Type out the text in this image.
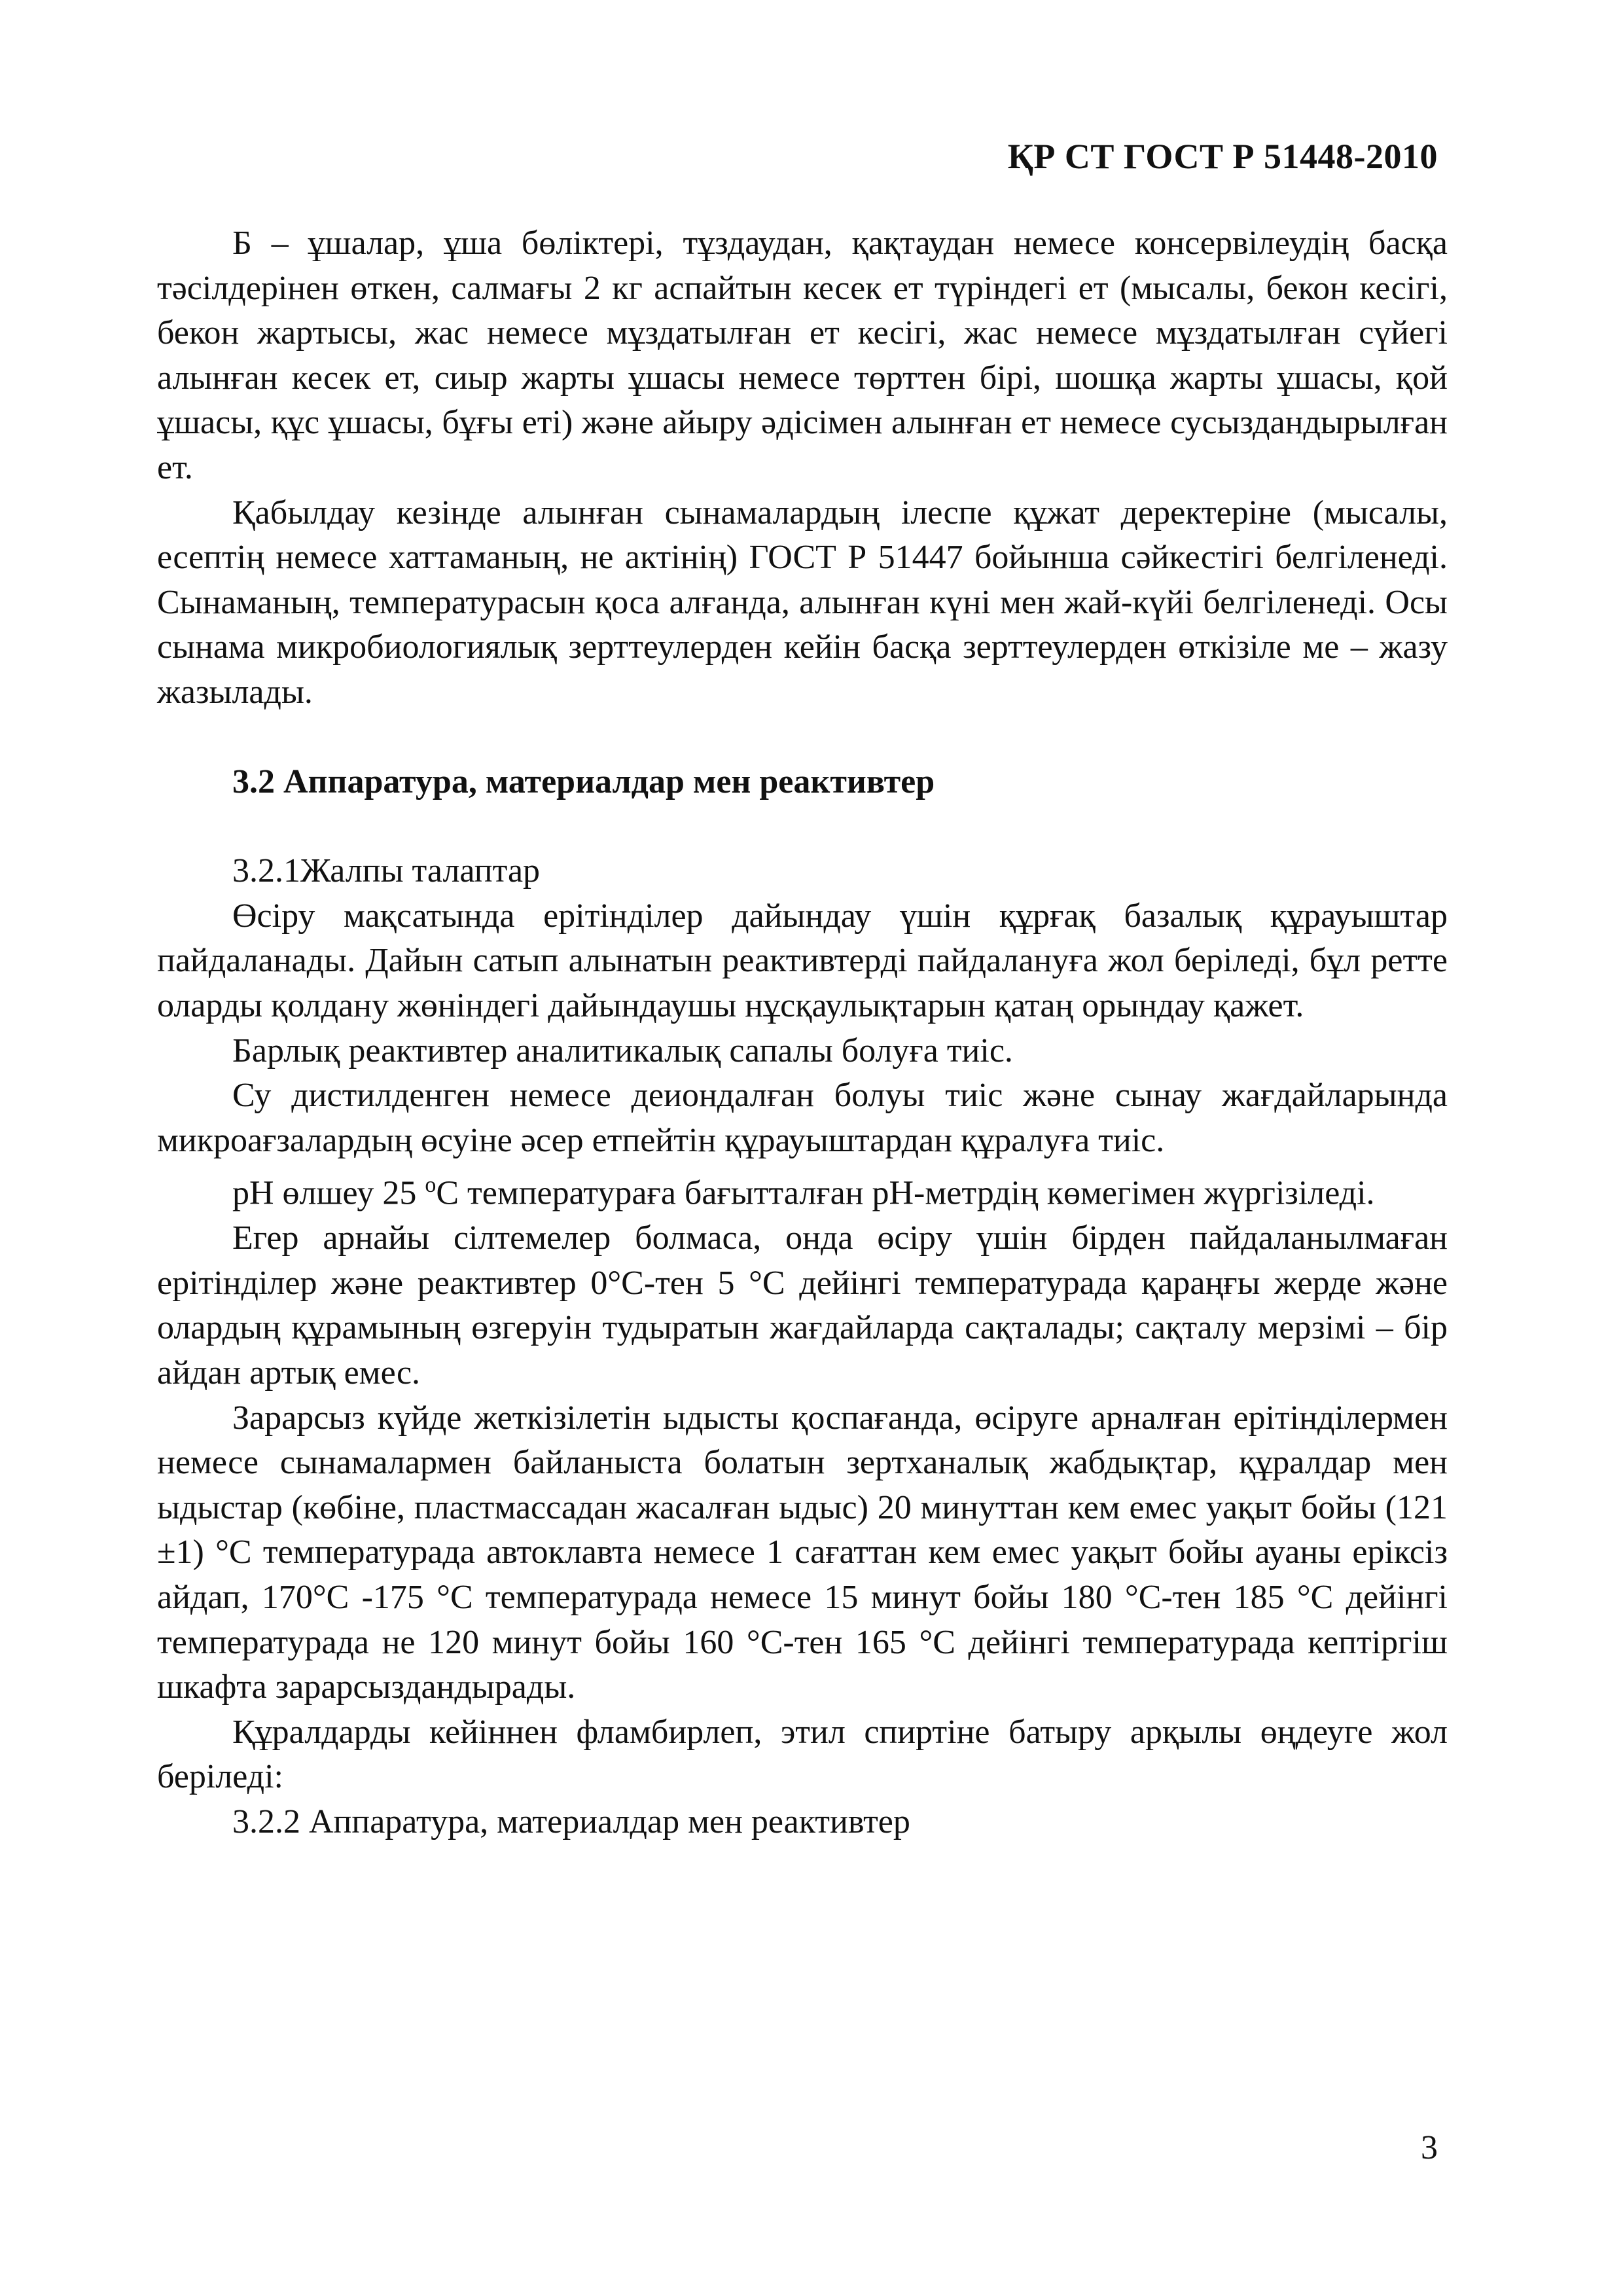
ҚР СТ ГОСТ Р 51448-2010

Б – ұшалар, ұша бөліктері, тұздаудан, қақтаудан немесе консервілеудің басқа тәсілдерінен өткен, салмағы 2 кг аспайтын кесек ет түріндегі ет (мысалы, бекон кесігі, бекон жартысы, жас немесе мұздатылған ет кесігі, жас немесе мұздатылған сүйегі алынған кесек ет, сиыр жарты ұшасы немесе төрттен бірі, шошқа жарты ұшасы, қой ұшасы, құс ұшасы, бұғы еті) және айыру әдісімен алынған ет немесе сусыздандырылған ет.

Қабылдау кезінде алынған сынамалардың ілеспе құжат деректеріне (мысалы, есептің немесе хаттаманың, не актінің) ГОСТ Р 51447 бойынша сәйкестігі белгіленеді. Сынаманың, температурасын қоса алғанда, алынған күні мен жай-күйі белгіленеді. Осы сынама микробиологиялық зерттеулерден кейін басқа зерттеулерден өткізіле ме – жазу жазылады.

3.2 Аппаратура, материалдар мен реактивтер

3.2.1Жалпы талаптар

Өсіру мақсатында ерітінділер дайындау үшін құрғақ базалық құрауыштар пайдаланады. Дайын сатып алынатын реактивтерді пайдалануға жол беріледі, бұл ретте оларды қолдану жөніндегі дайындаушы нұсқаулықтарын қатаң орындау қажет.

Барлық реактивтер аналитикалық сапалы болуға тиіс.

Су дистилденген немесе деиондалған болуы тиіс және сынау жағдайларында микроағзалардың өсуіне әсер етпейтін құрауыштардан құралуға тиіс.

pH өлшеу 25 $^о$С температураға бағытталған pH-метрдің көмегімен жүргізіледі.

Егер арнайы сілтемелер болмаса, онда өсіру үшін бірден пайдаланылмаған ерітінділер және реактивтер 0°С-тен 5 °С дейінгі температурада қараңғы жерде және олардың құрамының өзгеруін тудыратын жағдайларда сақталады; сақталу мерзімі – бір айдан артық емес.

Зарарсыз күйде жеткізілетін ыдысты қоспағанда, өсіруге арналған ерітінділермен немесе сынамалармен байланыста болатын зертханалық жабдықтар, құралдар мен ыдыстар (көбіне, пластмассадан жасалған ыдыс) 20 минуттан кем емес уақыт бойы (121 ±1) °С температурада автоклавта немесе 1 сағаттан кем емес уақыт бойы ауаны еріксіз айдап, 170°С -175 °С температурада немесе 15 минут бойы 180 °С-тен 185 °С дейінгі температурада не 120 минут бойы 160 °С-тен 165 °С дейінгі температурада кептіргіш шкафта зарарсыздандырады.

Құралдарды кейіннен фламбирлеп, этил спиртіне батыру арқылы өңдеуге жол беріледі:

3.2.2 Аппаратура, материалдар мен реактивтер

3
